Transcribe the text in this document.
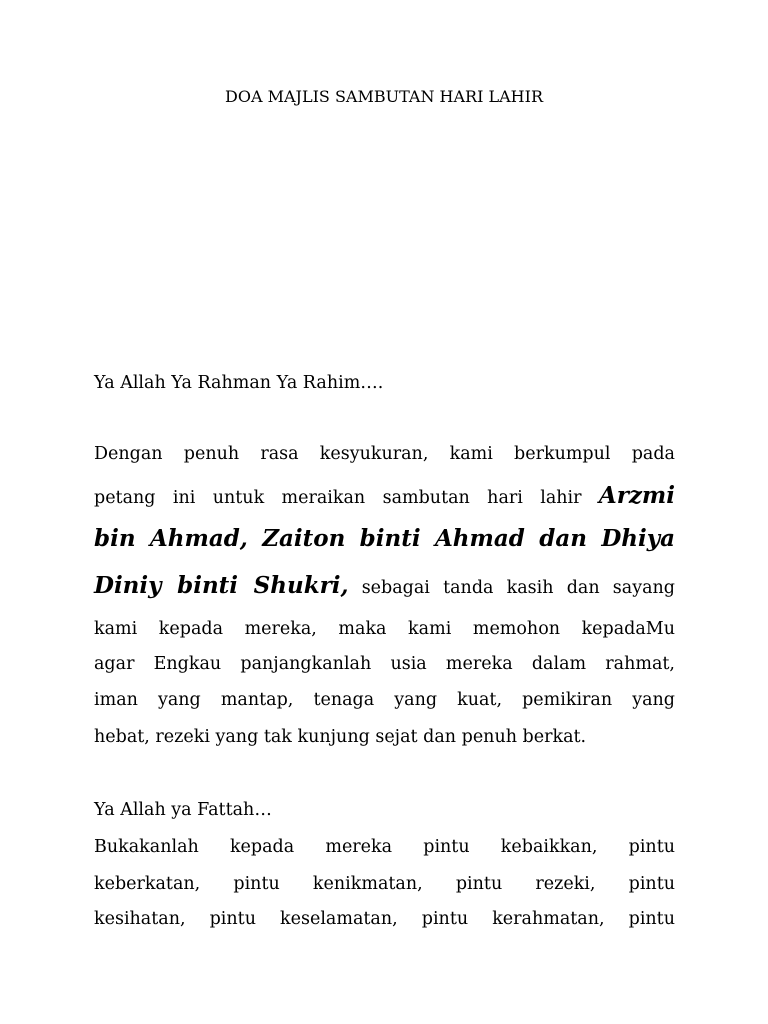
DOA MAJLIS SAMBUTAN HARI LAHIR
Ya Allah Ya Rahman Ya Rahim….
Dengan penuh rasa kesyukuran, kami berkumpul pada
petang ini untuk meraikan sambutan hari lahir Arzmi
bin Ahmad, Zaiton binti Ahmad dan Dhiya
Diniy binti Shukri, sebagai tanda kasih dan sayang
kami kepada mereka, maka kami memohon kepadaMu
agar Engkau panjangkanlah usia mereka dalam rahmat,
iman yang mantap, tenaga yang kuat, pemikiran yang
hebat, rezeki yang tak kunjung sejat dan penuh berkat.
Ya Allah ya Fattah…
Bukakanlah kepada mereka pintu kebaikkan, pintu
keberkatan, pintu kenikmatan, pintu rezeki, pintu
kesihatan, pintu keselamatan, pintu kerahmatan, pintu
